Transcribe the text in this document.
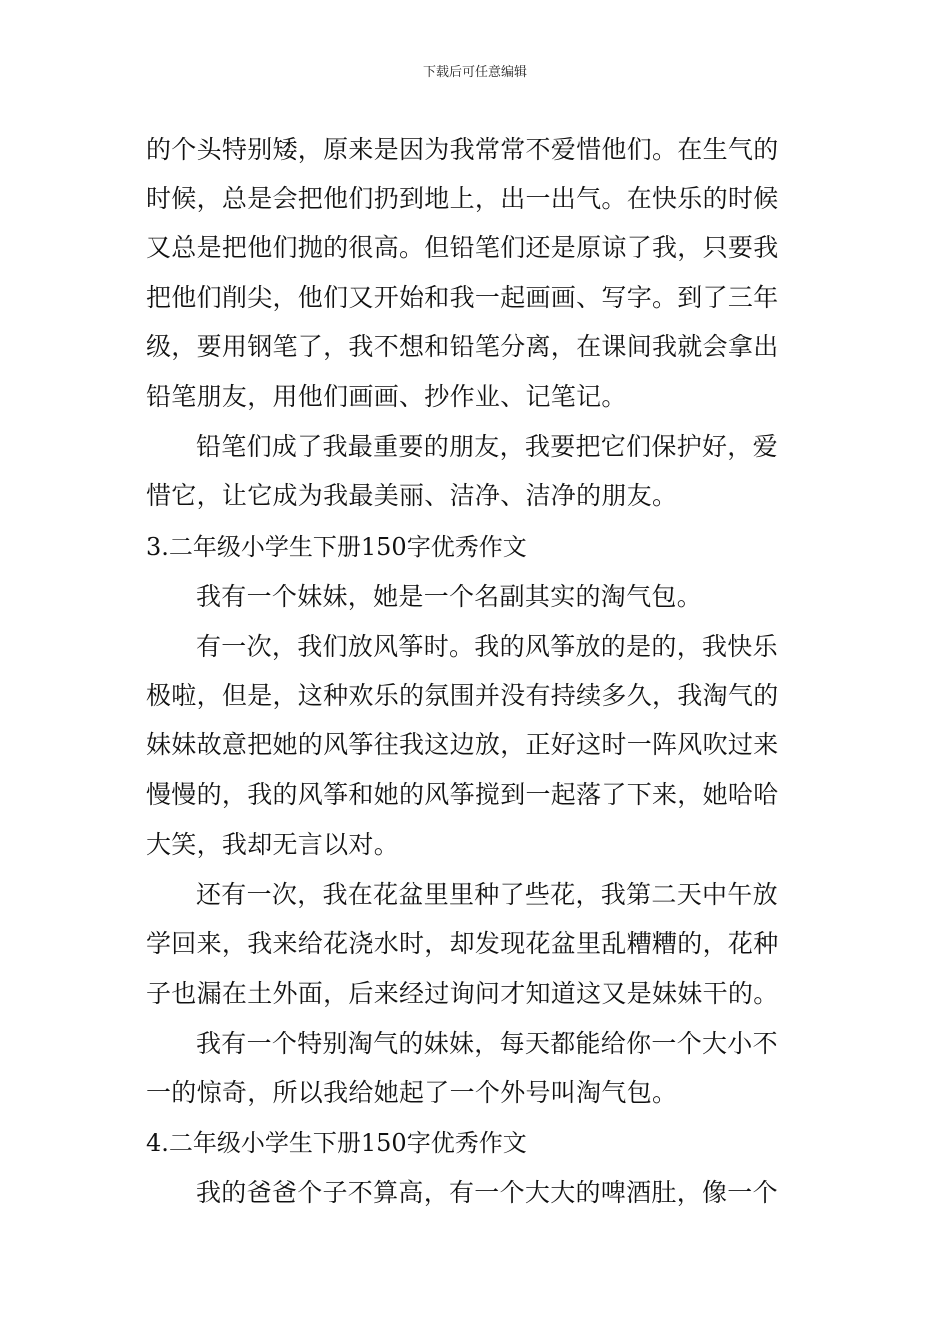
下载后可任意编辑
的个头特别矮，原来是因为我常常不爱惜他们。在生气的
时候，总是会把他们扔到地上，出一出气。在快乐的时候
又总是把他们抛的很高。但铅笔们还是原谅了我，只要我
把他们削尖，他们又开始和我一起画画、写字。到了三年
级，要用钢笔了，我不想和铅笔分离，在课间我就会拿出
铅笔朋友，用他们画画、抄作业、记笔记。
铅笔们成了我最重要的朋友，我要把它们保护好，爱
惜它，让它成为我最美丽、洁净、洁净的朋友。
3.二年级小学生下册150字优秀作文
我有一个妹妹，她是一个名副其实的淘气包。
有一次，我们放风筝时。我的风筝放的是的，我快乐
极啦，但是，这种欢乐的氛围并没有持续多久，我淘气的
妹妹故意把她的风筝往我这边放，正好这时一阵风吹过来
慢慢的，我的风筝和她的风筝搅到一起落了下来，她哈哈
大笑，我却无言以对。
还有一次，我在花盆里里种了些花，我第二天中午放
学回来，我来给花浇水时，却发现花盆里乱糟糟的，花种
子也漏在土外面，后来经过询问才知道这又是妹妹干的。
我有一个特别淘气的妹妹，每天都能给你一个大小不
一的惊奇，所以我给她起了一个外号叫淘气包。
4.二年级小学生下册150字优秀作文
我的爸爸个子不算高，有一个大大的啤酒肚，像一个
